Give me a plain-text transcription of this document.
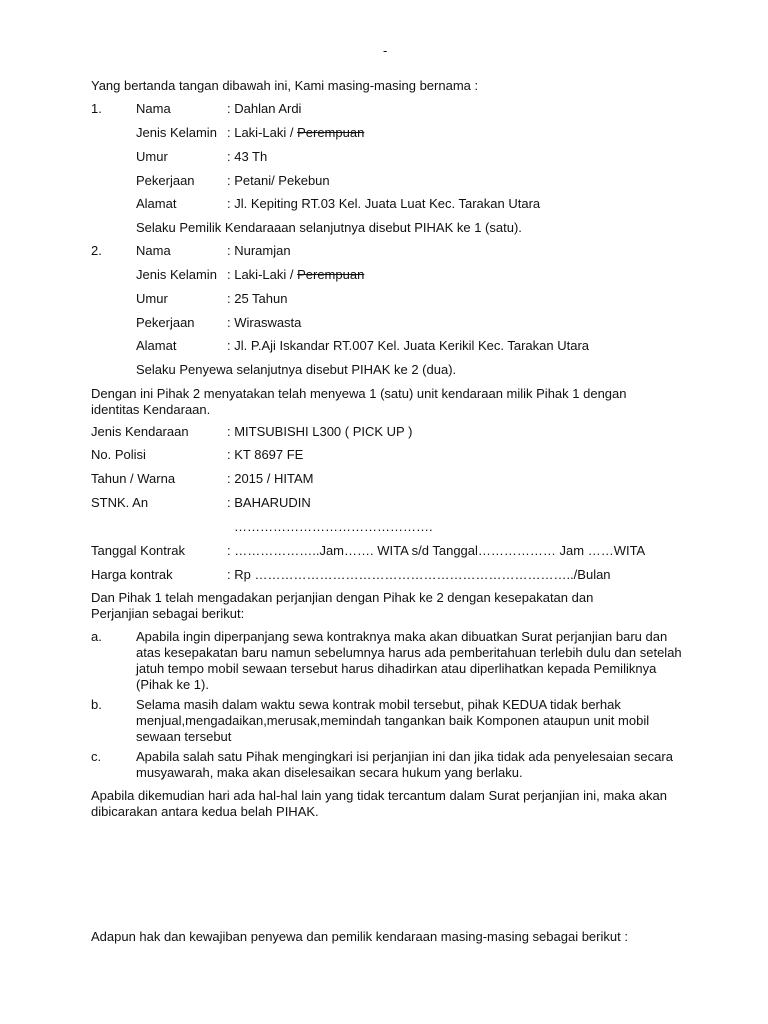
-
Yang bertanda tangan dibawah ini, Kami masing-masing bernama :
1.	Nama	: Dahlan Ardi
Jenis Kelamin : Laki-Laki / Perempuan
Umur	: 43 Th
Pekerjaan : Petani/ Pekebun
Alamat	: Jl. Kepiting RT.03 Kel. Juata Luat Kec. Tarakan Utara
Selaku Pemilik Kendaraaan selanjutnya disebut PIHAK ke 1 (satu).
2.	Nama	: Nuramjan
Jenis Kelamin : Laki-Laki / Perempuan
Umur	: 25 Tahun
Pekerjaan : Wiraswasta
Alamat	: Jl. P.Aji Iskandar RT.007 Kel. Juata Kerikil Kec. Tarakan Utara
Selaku Penyewa selanjutnya disebut PIHAK ke 2 (dua).
Dengan ini Pihak 2 menyatakan telah menyewa 1 (satu) unit kendaraan milik Pihak 1 dengan identitas Kendaraan.
Jenis Kendaraan	: MITSUBISHI L300 ( PICK UP )
No. Polisi	: KT 8697 FE
Tahun / Warna	: 2015 / HITAM
STNK. An	: BAHARUDIN
……………………………………….
Tanggal Kontrak	: ………………..Jam……. WITA s/d Tanggal……………… Jam ……WITA
Harga kontrak	: Rp ………………………………………………………………../Bulan
Dan Pihak 1 telah mengadakan perjanjian dengan Pihak ke 2 dengan kesepakatan dan Perjanjian sebagai berikut:
a.	Apabila ingin diperpanjang sewa kontraknya maka akan dibuatkan Surat perjanjian baru dan atas kesepakatan baru namun sebelumnya harus ada pemberitahuan terlebih dulu dan setelah jatuh tempo mobil sewaan tersebut harus dihadirkan atau diperlihatkan kepada Pemiliknya (Pihak ke 1).
b.	Selama masih dalam waktu sewa kontrak mobil tersebut, pihak KEDUA tidak berhak menjual,mengadaikan,merusak,memindah tangankan baik Komponen ataupun unit mobil sewaan tersebut
c.	Apabila salah satu Pihak mengingkari isi perjanjian ini dan jika tidak ada penyelesaian secara musyawarah, maka akan diselesaikan secara hukum yang berlaku.
Apabila dikemudian hari ada hal-hal lain yang tidak tercantum dalam Surat perjanjian ini, maka akan dibicarakan antara kedua belah PIHAK.
Adapun hak dan kewajiban penyewa dan pemilik kendaraan masing-masing sebagai berikut :
